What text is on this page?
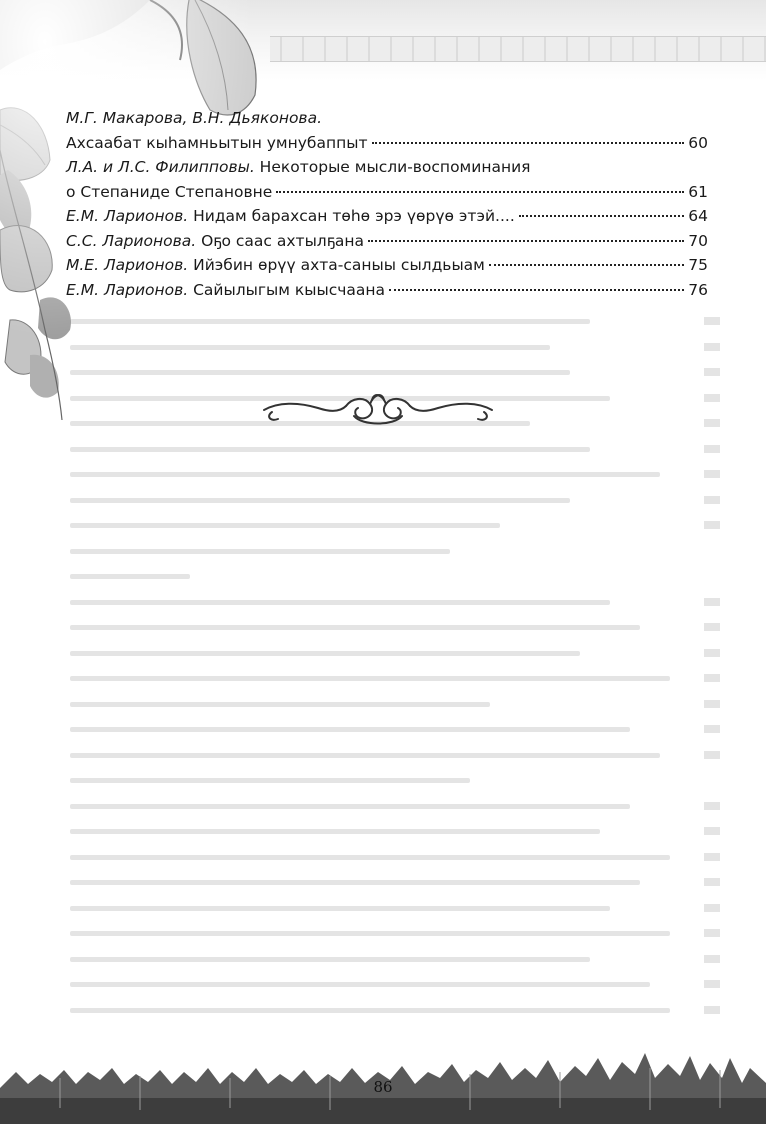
М.Г. Макарова, В.Н. Дьяконова.
Ахсаабат кыһамньытын умнубаппыт	60
Л.А. и Л.С. Филипповы. Некоторые мысли-воспоминания
о Степаниде Степановне	61
Е.М. Ларионов. Нидам барахсан төһө эрэ үөрүө этэй....	64
С.С. Ларионова. Оҕо саас ахтылҕана	70
М.Е. Ларионов. Ийэбин өрүү ахта-саныы сылдьыам	75
Е.М. Ларионов. Сайылыгым кыысчаана	76
86
